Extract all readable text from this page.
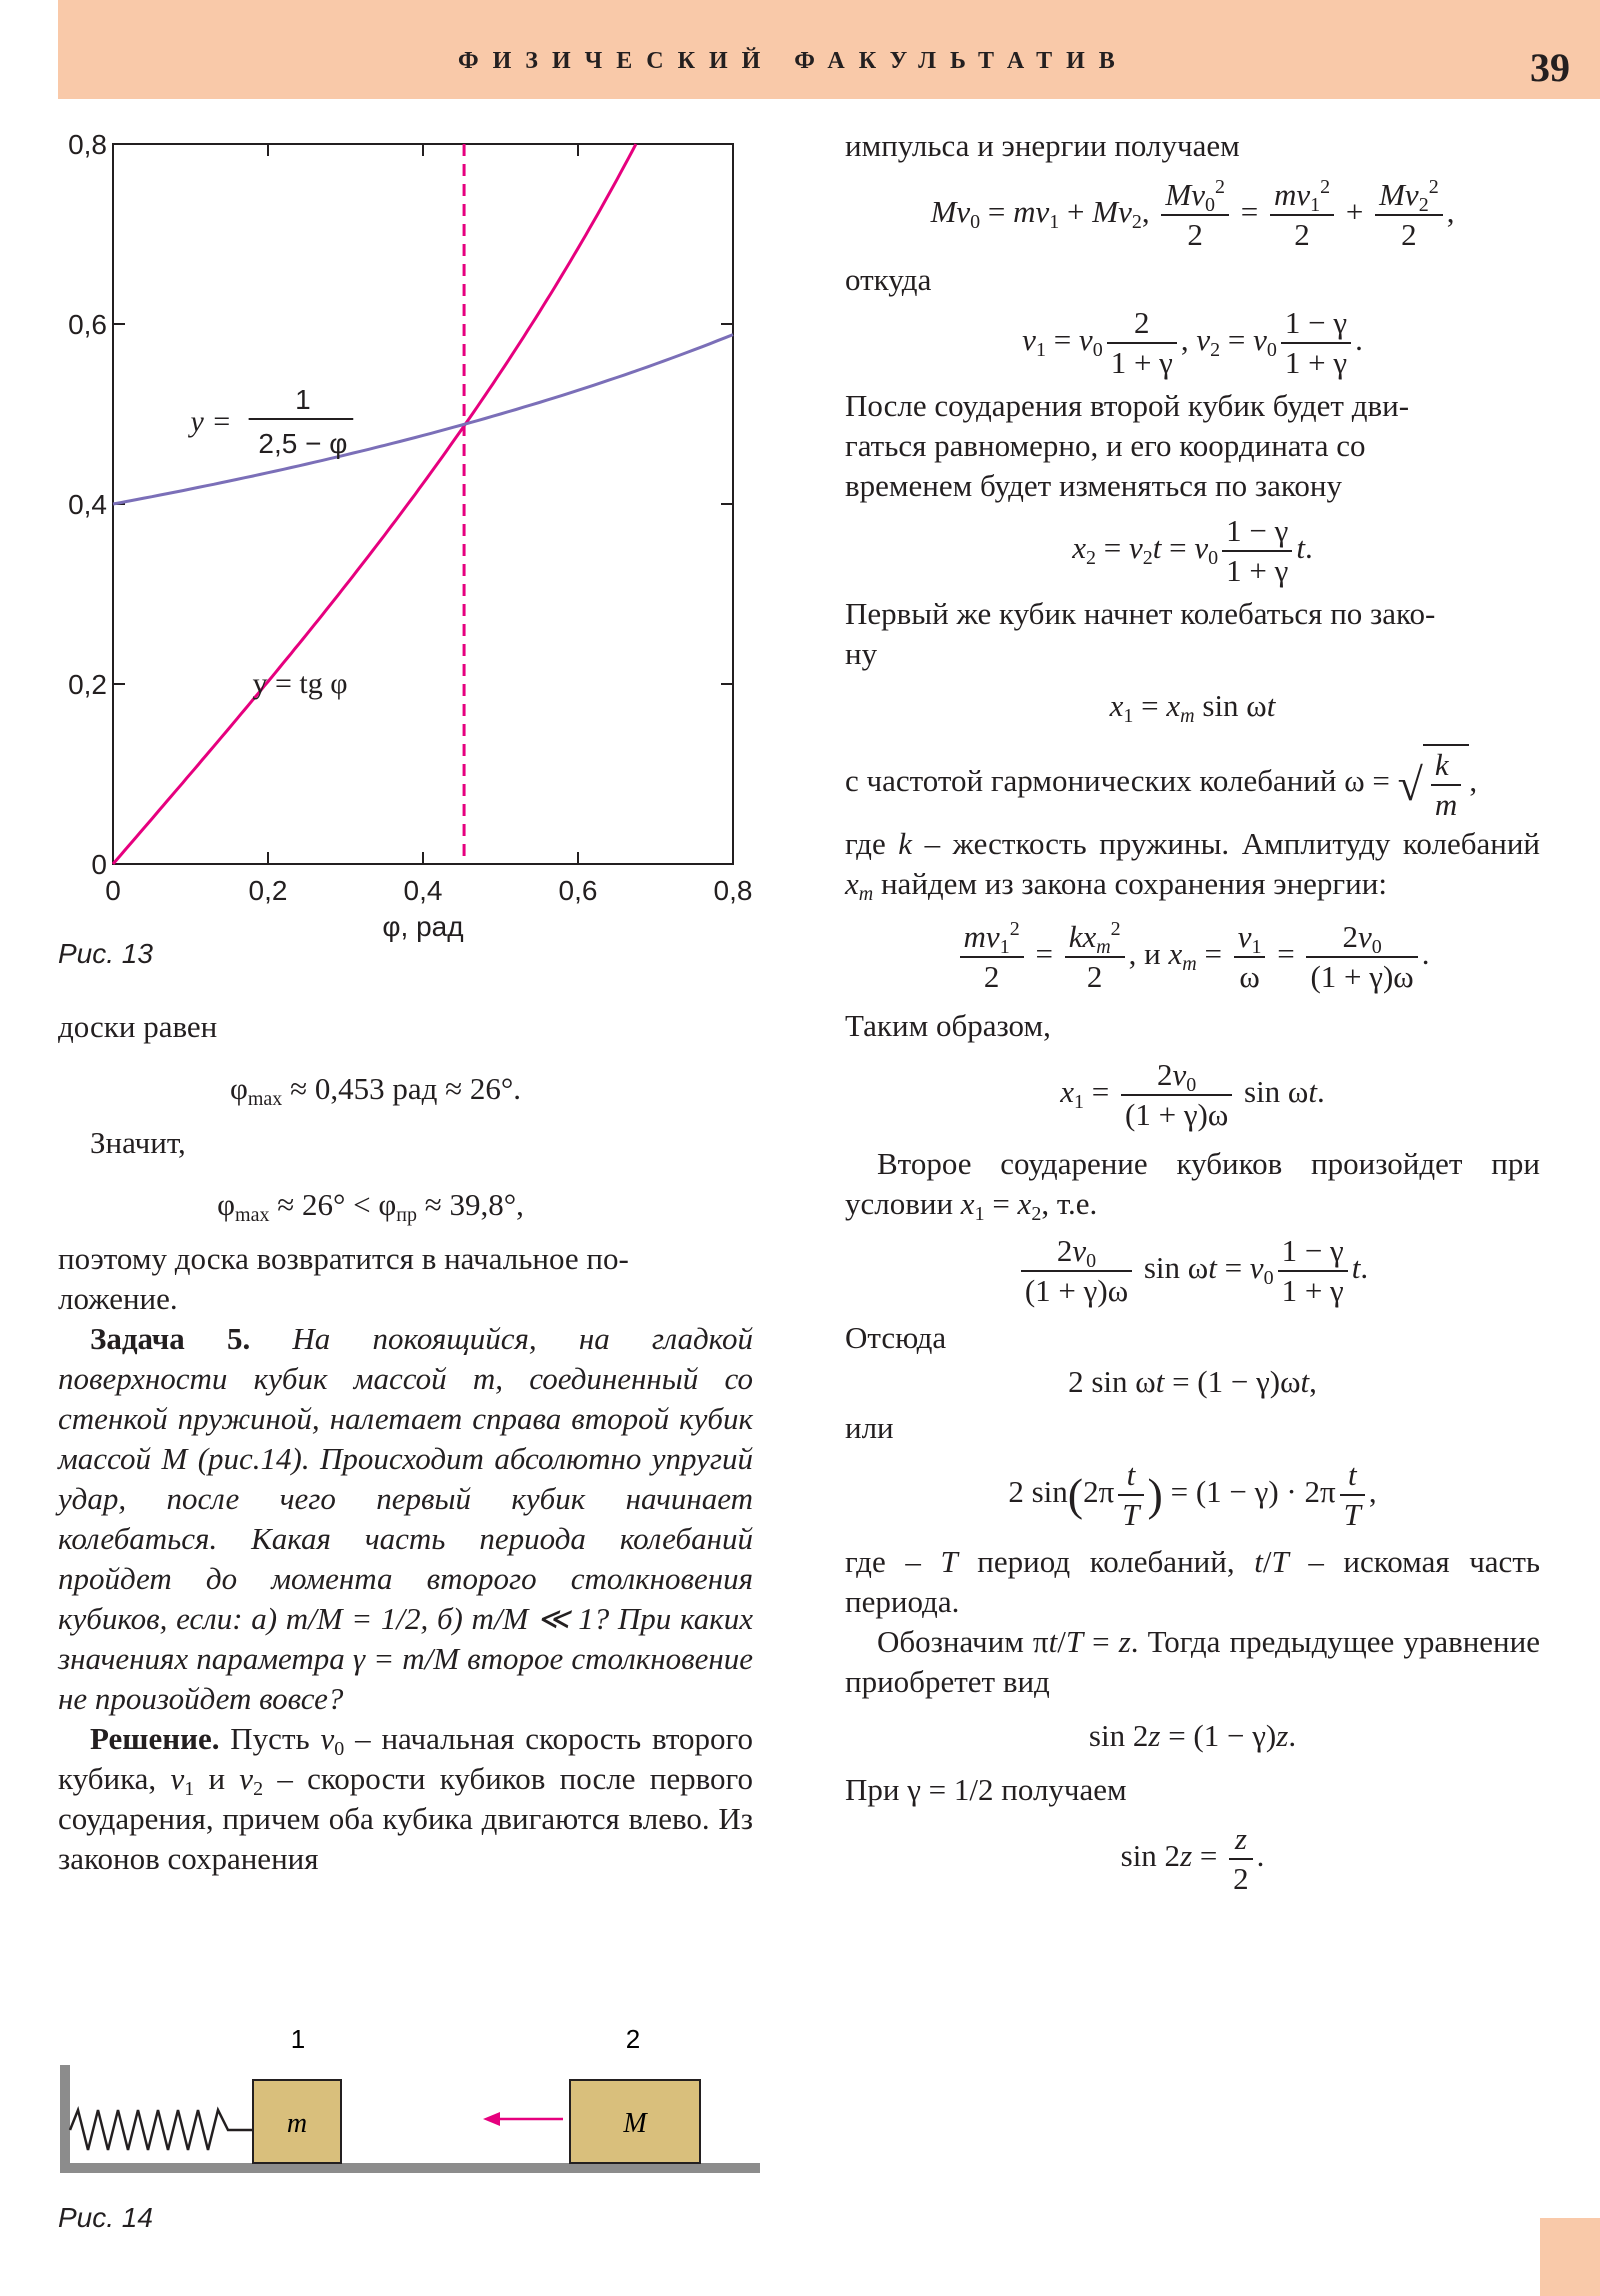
ФИЗИЧЕСКИЙ ФАКУЛЬТАТИВ	39
0
0
0,2
0,2
0,4
0,4
0,6
0,6
0,8
0,8
φ, рад
y = tg φ
y =
1
2,5 − φ
Рис. 13

доски равен

$\varphi_{max} \approx 0,453$ рад ≈ 26°.

Значит,

$\varphi_{max} \approx 26^\circ < \varphi_{пр} \approx 39,8^\circ$,

поэтому доска возвратится в начальное по-
ложение.

Задача 5. На покоящийся, на гладкой поверхности кубик массой m, соединенный со стенкой пружиной, налетает справа второй кубик массой M (рис.14). Происходит абсолютно упругий удар, после чего первый кубик начинает колебаться. Какая часть периода колебаний пройдет до момента второго столкновения кубиков, если: а) m/M = 1/2, б) m/M ≪ 1? При каких значениях параметра γ = m/M второе столкновение не произойдет вовсе?

Решение. Пусть $v_0$ – начальная скорость второго кубика, $v_1$ и $v_2$ – скорости кубиков после первого соударения, причем оба кубика двигаются влево. Из законов сохранения

1	2
m	M
Рис. 14

импульса и энергии получаем

$Mv_0 = mv_1 + Mv_2$, $\frac{Mv_0^2}{2} = \frac{mv_1^2}{2} + \frac{Mv_2^2}{2}$ ,

откуда

$v_1 = v_0 \frac{2}{1 + \gamma}$ , $v_2 = v_0 \frac{1 - \gamma}{1 + \gamma}$ .

После соударения второй кубик будет дви-
гаться равномерно, и его координата со

временем будет изменяться по закону

$x_2 = v_2t = v_0 \frac{1 - \gamma}{1 + \gamma} t$.

Первый же кубик начнет колебаться по зако-
ну

$x_1 = x_m$ sin ωt

с частотой гармонических колебаний ω = √ $\frac{k}{m}$ ,

где k – жесткость пружины. Амплитуду колебаний $x_m$ найдем из закона сохранения энергии:

$\frac{mv_1^2}{2} = \frac{kx_m^2}{2}$ , и $x_m = \frac{v_1}{\omega} = \frac{2v_0}{(1 + \gamma)\omega}$ .

Таким образом,

$x_1 = \frac{2v_0}{(1 + \gamma)\omega}$ sin ωt.

Второе соударение кубиков произойдет при условии $x_1 = x_2$, т.е.

$\frac{2v_0}{(1 + \gamma)\omega}$ $\sin \omega t = v_0 \frac{1 - \gamma}{1 + \gamma} t$.

Отсюда

2 sin ωt = (1 − γ)ωt,

или

2 $\sin(2\pi \frac{t}{T}$ ) = $(1 - \gamma) \cdot 2\pi \frac{t}{T}$ ,

где – T период колебаний, t/T – искомая часть периода.

Обозначим πt/T = z. Тогда предыдущее уравнение приобретет вид

sin 2z = (1 − γ)z.

При γ = 1/2 получаем

$\sin 2z = \frac{z}{2}$ .
